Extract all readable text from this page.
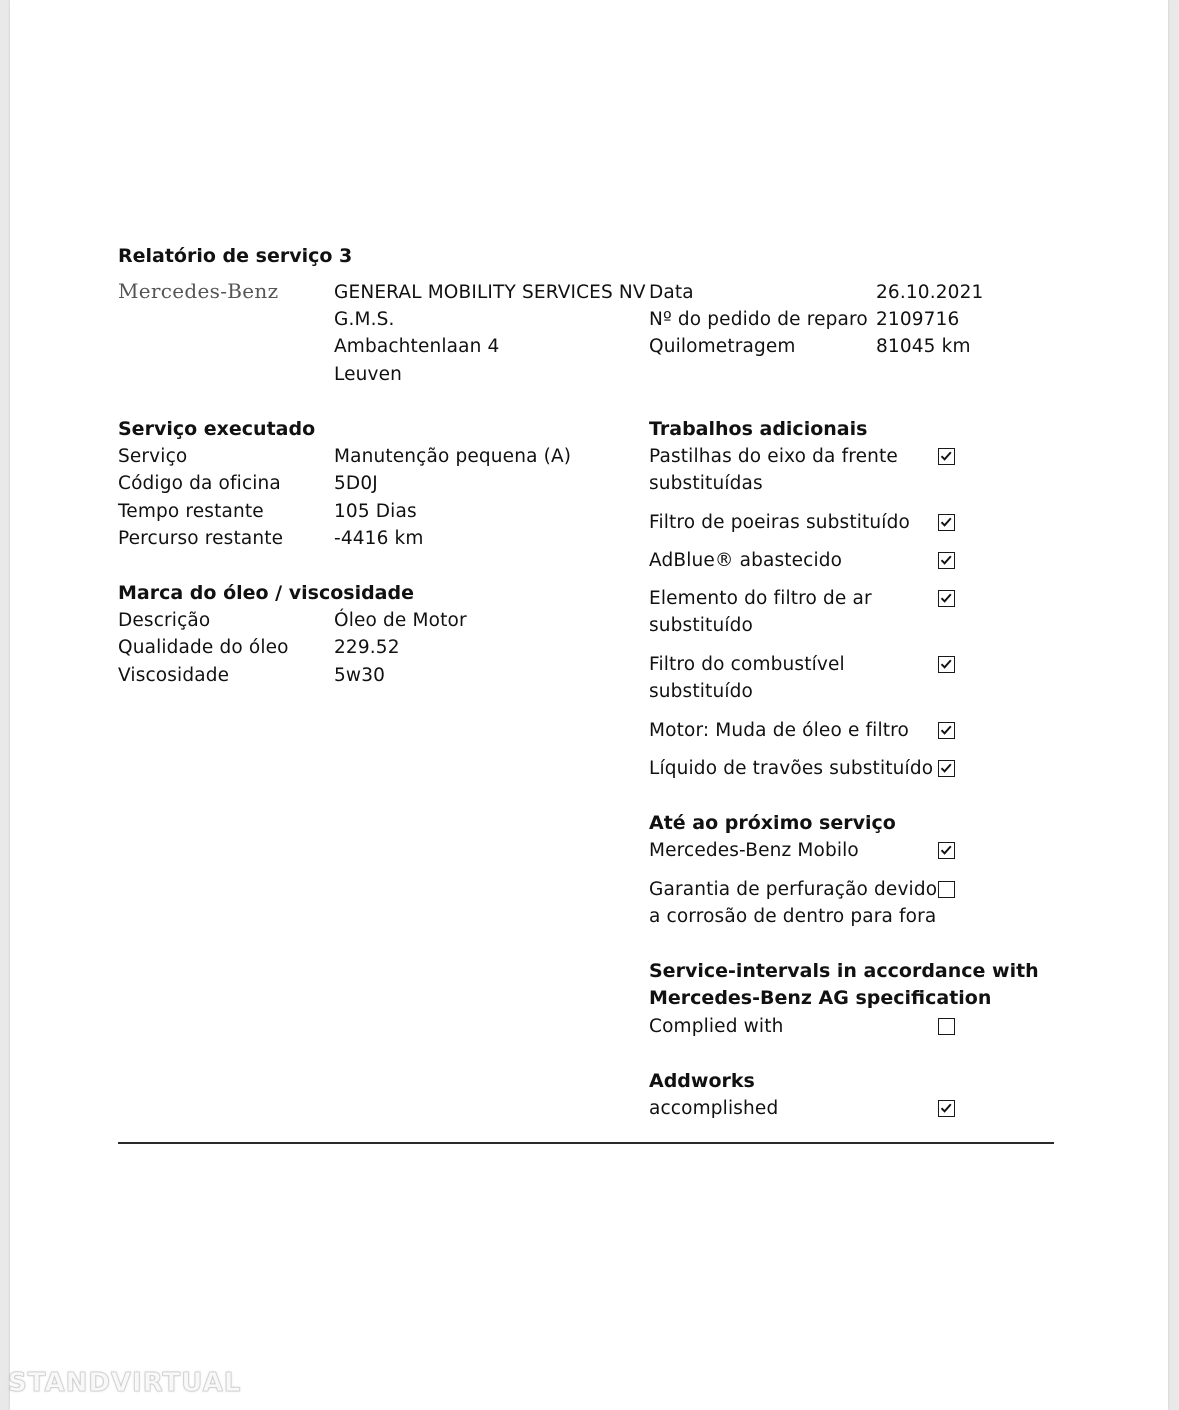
Relatório de serviço 3
Mercedes-Benz	GENERAL MOBILITY SERVICES NV
G.M.S.
Ambachtenlaan 4
Leuven
Data	26.10.2021
Nº do pedido de reparo 2109716
Quilometragem	81045 km
Serviço executado
Serviço	Manutenção pequena (A)
Código da oficina	5D0J
Tempo restante	105 Dias
Percurso restante	-4416 km
Marca do óleo / viscosidade
Descrição	Óleo de Motor
Qualidade do óleo 229.52
Viscosidade	5w30
Trabalhos adicionais
Pastilhas do eixo da frente
substituídas
Filtro de poeiras substituído
AdBlue® abastecido
Elemento do filtro de ar
substituído
Filtro do combustível
substituído
Motor: Muda de óleo e filtro
Líquido de travões substituído
Até ao próximo serviço
Mercedes-Benz Mobilo
Garantia de perfuração devido
a corrosão de dentro para fora
Service-intervals in accordance with
Mercedes-Benz AG specification
Complied with
Addworks
accomplished
STANDVIRTUAL
